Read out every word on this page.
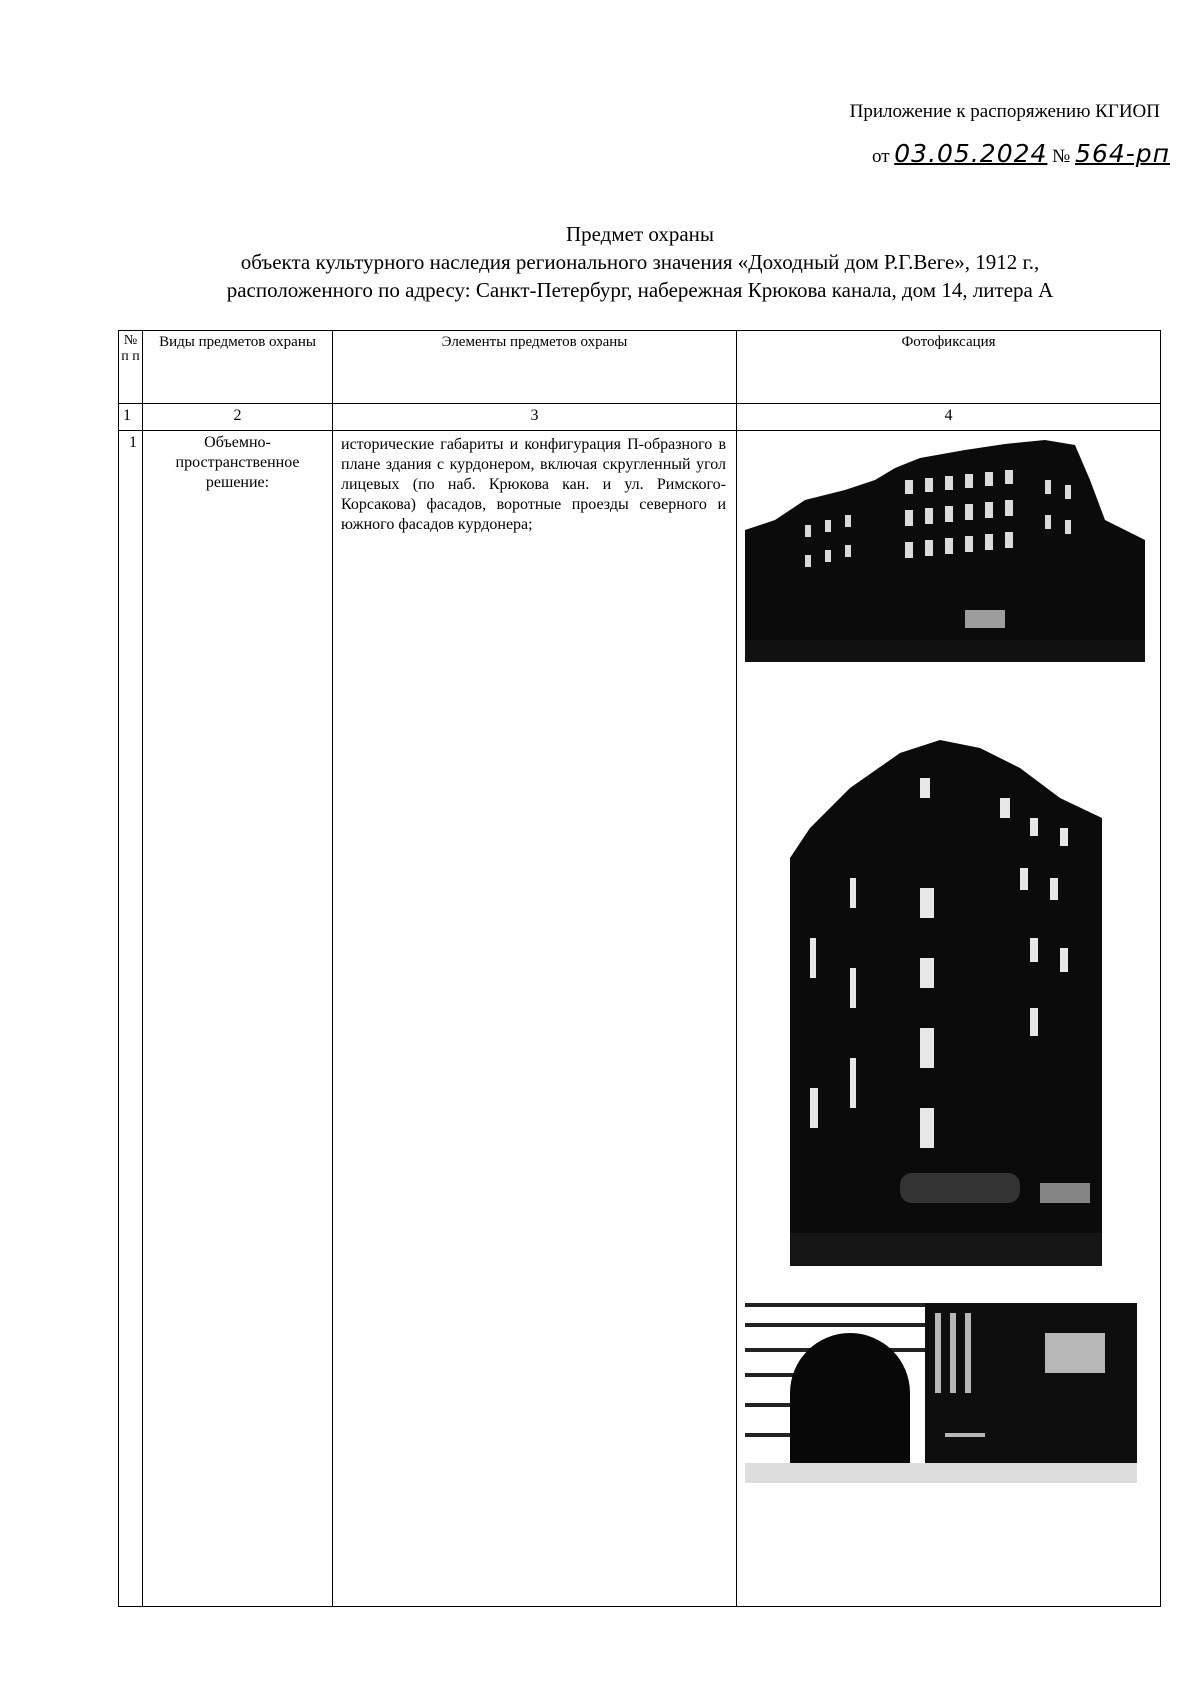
Приложение к распоряжению КГИОП
от 03.05.2024 № 564-рп
Предмет охраны
объекта культурного наследия регионального значения «Доходный дом Р.Г.Веге», 1912 г.,
расположенного по адресу: Санкт-Петербург, набережная Крюкова канала, дом 14, литера А
№ п п	Виды предметов охраны	Элементы предметов охраны	Фотофиксация
1	2	3	4
1	Объемно-пространственное решение:	исторические габариты и конфигурация П-образного в плане здания с курдонером, включая скругленный угол лицевых (по наб. Крюкова кан. и ул. Римского-Корсакова) фасадов, воротные проезды северного и южного фасадов курдонера;	
